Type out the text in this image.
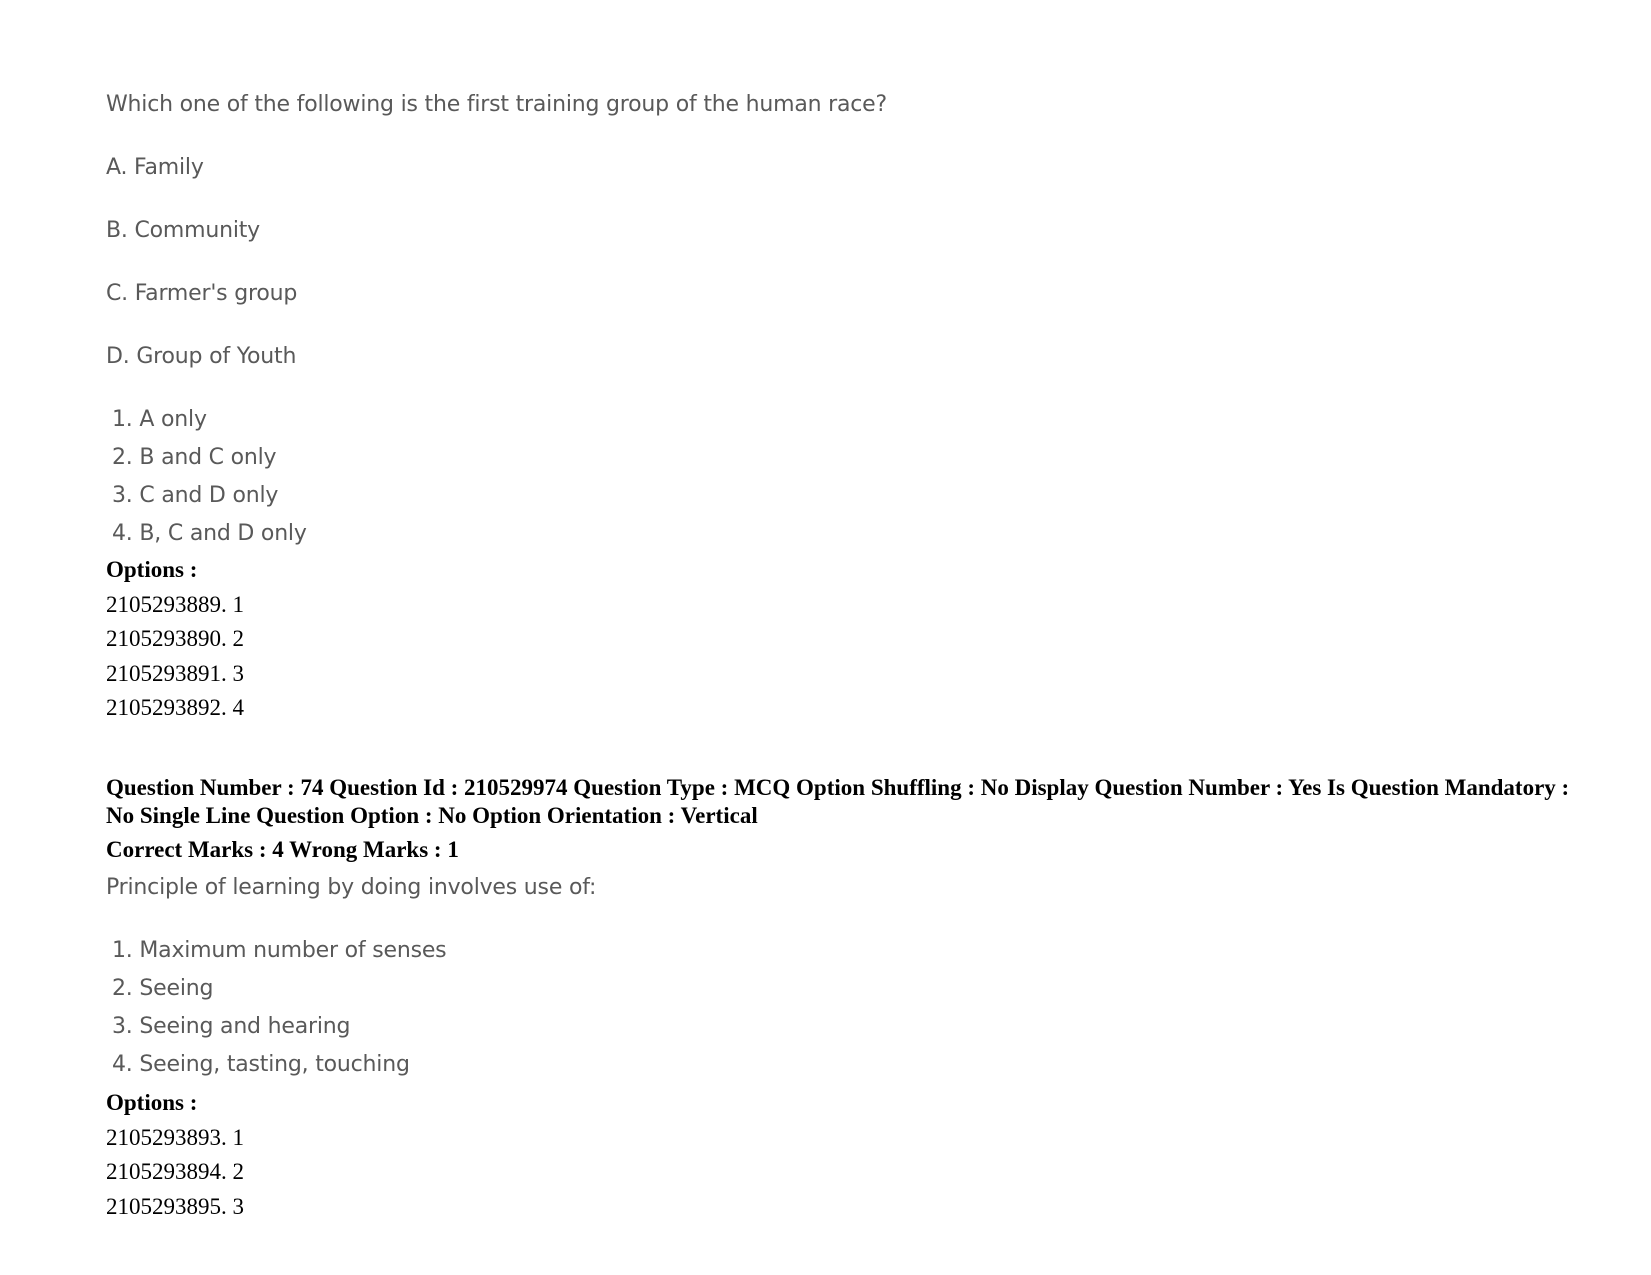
Which one of the following is the first training group of the human race?
A. Family
B. Community
C. Farmer's group
D. Group of Youth
1. A only
2. B and C only
3. C and D only
4. B, C and D only
Options :
2105293889. 1
2105293890. 2
2105293891. 3
2105293892. 4
Question Number : 74 Question Id : 210529974 Question Type : MCQ Option Shuffling : No Display Question Number : Yes Is Question Mandatory : No Single Line Question Option : No Option Orientation : Vertical
Correct Marks : 4 Wrong Marks : 1
Principle of learning by doing involves use of:
1. Maximum number of senses
2. Seeing
3. Seeing and hearing
4. Seeing, tasting, touching
Options :
2105293893. 1
2105293894. 2
2105293895. 3
